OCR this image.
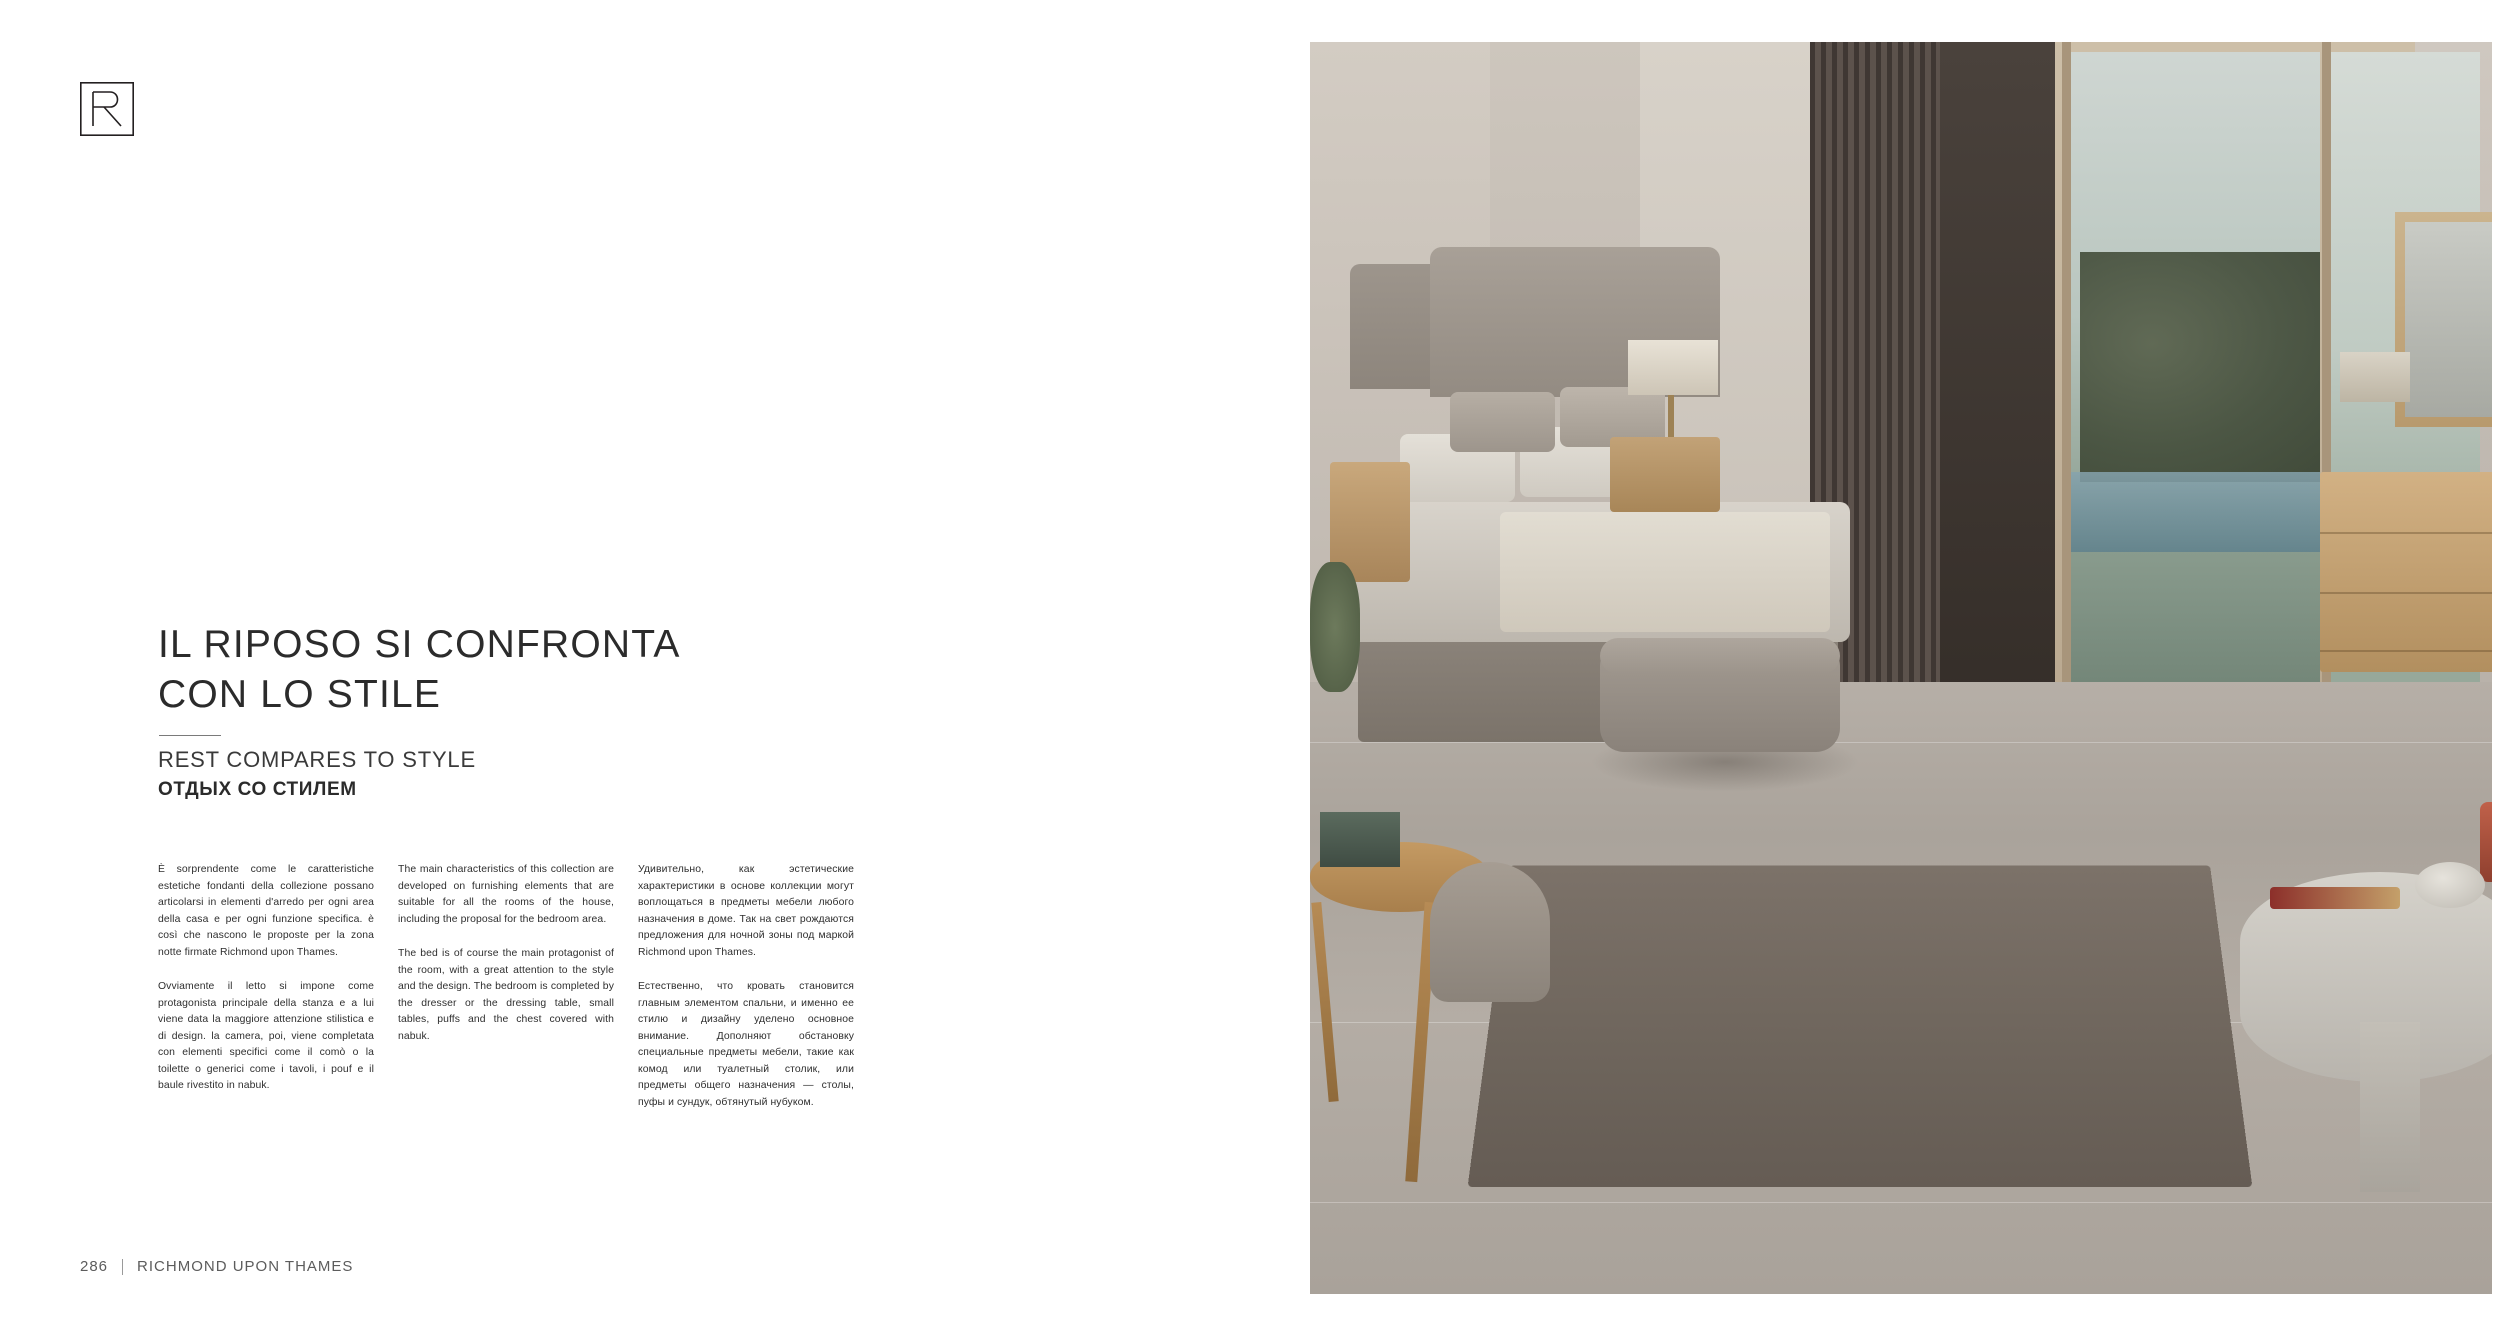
IL RIPOSO SI CONFRONTA
CON LO STILE
REST COMPARES TO STYLE
ОТДЫХ СО СТИЛЕМ

È sorprendente come le caratteristiche estetiche fondanti della collezione possano articolarsi in elementi d'arredo per ogni area della casa e per ogni funzione specifica. è così che nascono le proposte per la zona notte firmate Richmond upon Thames.

Ovviamente il letto si impone come protagonista principale della stanza e a lui viene data la maggiore attenzione stilistica e di design. la camera, poi, viene completata con elementi specifici come il comò o la toilette o generici come i tavoli, i pouf e il baule rivestito in nabuk.

The main characteristics of this collection are developed on furnishing elements that are suitable for all the rooms of the house, including the proposal for the bedroom area.

The bed is of course the main protagonist of the room, with a great attention to the style and the design. The bedroom is completed by the dresser or the dressing table, small tables, puffs and the chest covered with nabuk.

Удивительно, как эстетические характеристики в основе коллекции могут воплощаться в предметы мебели любого назначения в доме. Так на свет рождаются предложения для ночной зоны под маркой Richmond upon Thames.

Естественно, что кровать становится главным элементом спальни, и именно ее стилю и дизайну уделено основное внимание. Дополняют обстановку специальные предметы мебели, такие как комод или туалетный столик, или предметы общего назначения — столы, пуфы и сундук, обтянутый нубуком.

286 RICHMOND UPON THAMES
